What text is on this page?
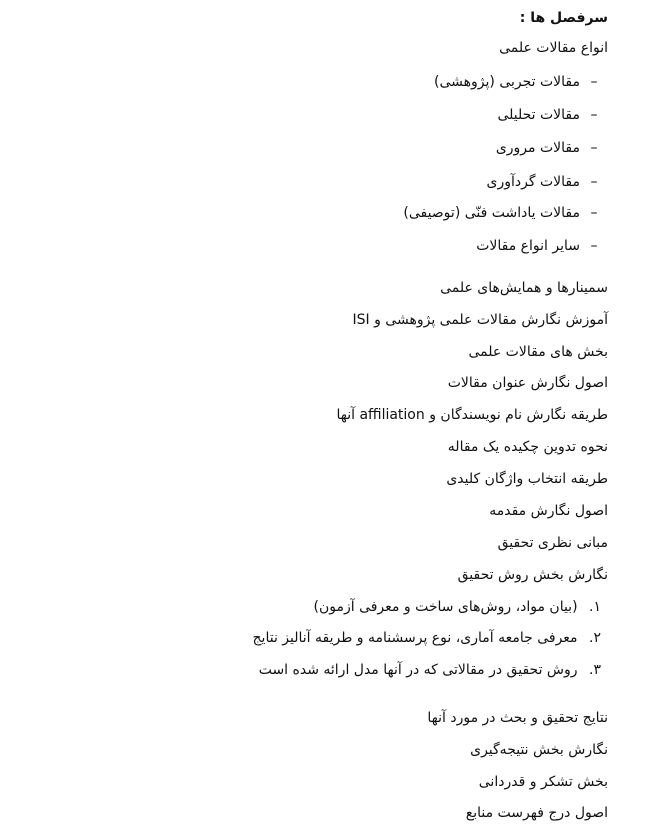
سرفصل ها :
انواع مقالات علمی
–مقالات تجربی (پژوهشی)
–مقالات تحلیلی
–مقالات مروری
–مقالات گردآوری
–مقالات یاداشت فنّی (توصیفی)
–سایر انواع مقالات
سمینارها و همایش‌های علمی
آموزش نگارش مقالات علمی پژوهشی و ISI
بخش های مقالات علمی
اصول نگارش عنوان مقالات
طریقه نگارش نام نویسندگان و affiliation آنها
نحوه تدوین چکیده یک مقاله
طریقه انتخاب واژگان کلیدی
اصول نگارش مقدمه
مبانی نظری تحقیق
نگارش بخش روش تحقیق
۱. (بیان مواد، روش‌های ساخت و معرفی آزمون)
۲. معرفی جامعه آماری، نوع پرسشنامه و طریقه آنالیز نتایج
۳. روش تحقیق در مقالاتی که در آنها مدل ارائه شده است
نتایج تحقیق و بحث در مورد آنها
نگارش بخش نتیجه‌گیری
بخش تشکر و قدردانی
اصول درج فهرست منابع
